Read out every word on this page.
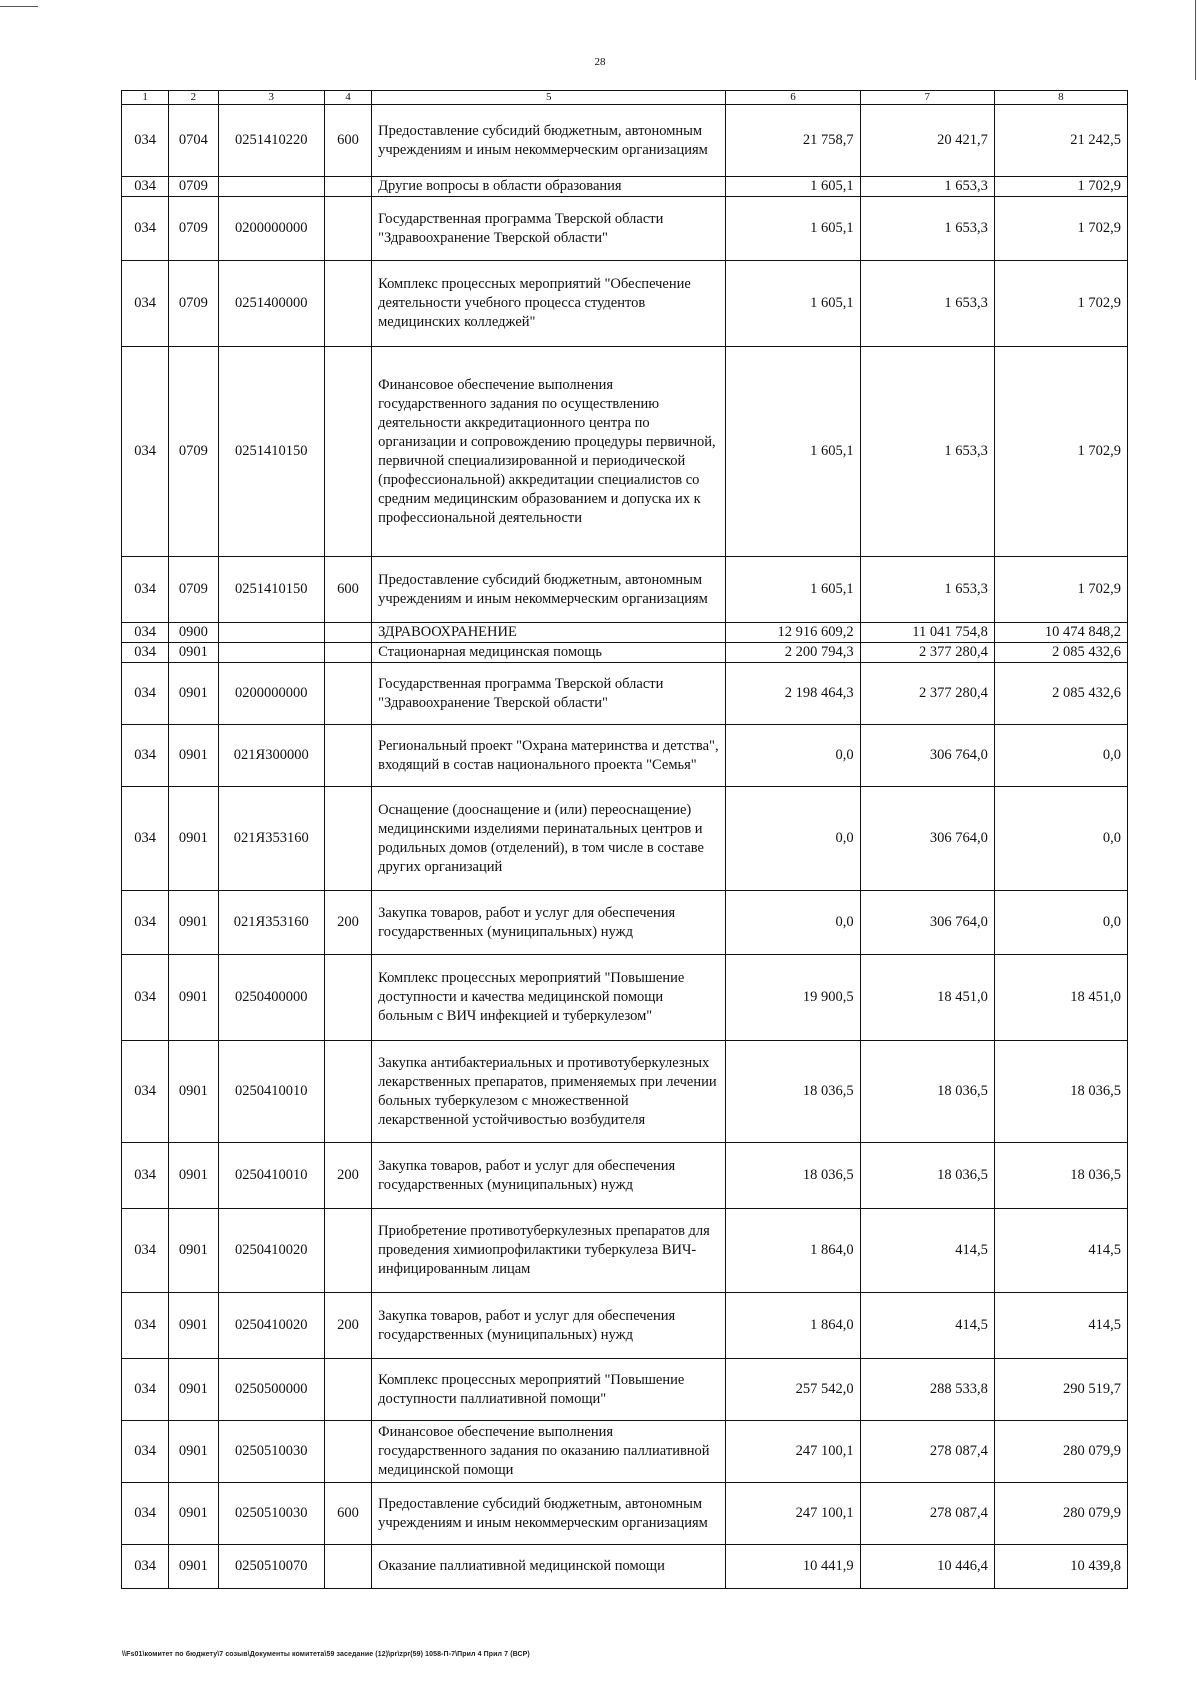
28
1	2	3	4	5	6	7	8
034	0704	0251410220	600	Предоставление субсидий бюджетным, автономным учреждениям и иным некоммерческим организациям	21 758,7	20 421,7	21 242,5
034	0709			Другие вопросы в области образования	1 605,1	1 653,3	1 702,9
034	0709	0200000000		Государственная программа Тверской области "Здравоохранение Тверской области"	1 605,1	1 653,3	1 702,9
034	0709	0251400000		Комплекс процессных мероприятий "Обеспечение деятельности учебного процесса студентов медицинских колледжей"	1 605,1	1 653,3	1 702,9
034	0709	0251410150		Финансовое обеспечение выполнения государственного задания по осуществлению деятельности аккредитационного центра по организации и сопровождению процедуры первичной, первичной специализированной и периодической (профессиональной) аккредитации специалистов со средним медицинским образованием и допуска их к профессиональной деятельности	1 605,1	1 653,3	1 702,9
034	0709	0251410150	600	Предоставление субсидий бюджетным, автономным учреждениям и иным некоммерческим организациям	1 605,1	1 653,3	1 702,9
034	0900			ЗДРАВООХРАНЕНИЕ	12 916 609,2	11 041 754,8	10 474 848,2
034	0901			Стационарная медицинская помощь	2 200 794,3	2 377 280,4	2 085 432,6
034	0901	0200000000		Государственная программа Тверской области "Здравоохранение Тверской области"	2 198 464,3	2 377 280,4	2 085 432,6
034	0901	021Я300000		Региональный проект "Охрана материнства и детства", входящий в состав национального проекта "Семья"	0,0	306 764,0	0,0
034	0901	021Я353160		Оснащение (дооснащение и (или) переоснащение) медицинскими изделиями перинатальных центров и родильных домов (отделений), в том числе в составе других организаций	0,0	306 764,0	0,0
034	0901	021Я353160	200	Закупка товаров, работ и услуг для обеспечения государственных (муниципальных) нужд	0,0	306 764,0	0,0
034	0901	0250400000		Комплекс процессных мероприятий "Повышение доступности и качества медицинской помощи больным с ВИЧ инфекцией и туберкулезом"	19 900,5	18 451,0	18 451,0
034	0901	0250410010		Закупка антибактериальных и противотуберкулезных лекарственных препаратов, применяемых при лечении больных туберкулезом с множественной лекарственной устойчивостью возбудителя	18 036,5	18 036,5	18 036,5
034	0901	0250410010	200	Закупка товаров, работ и услуг для обеспечения государственных (муниципальных) нужд	18 036,5	18 036,5	18 036,5
034	0901	0250410020		Приобретение противотуберкулезных препаратов для проведения химиопрофилактики туберкулеза ВИЧ-инфицированным лицам	1 864,0	414,5	414,5
034	0901	0250410020	200	Закупка товаров, работ и услуг для обеспечения государственных (муниципальных) нужд	1 864,0	414,5	414,5
034	0901	0250500000		Комплекс процессных мероприятий "Повышение доступности паллиативной помощи"	257 542,0	288 533,8	290 519,7
034	0901	0250510030		Финансовое обеспечение выполнения государственного задания по оказанию паллиативной медицинской помощи	247 100,1	278 087,4	280 079,9
034	0901	0250510030	600	Предоставление субсидий бюджетным, автономным учреждениям и иным некоммерческим организациям	247 100,1	278 087,4	280 079,9
034	0901	0250510070		Оказание паллиативной медицинской помощи	10 441,9	10 446,4	10 439,8
\\Fs01\комитет по бюджету\7 созыв\Документы комитета\59 заседание (12)\pr\zpr(59) 1058-П-7\Прил 4 Прил 7 (ВСР)
